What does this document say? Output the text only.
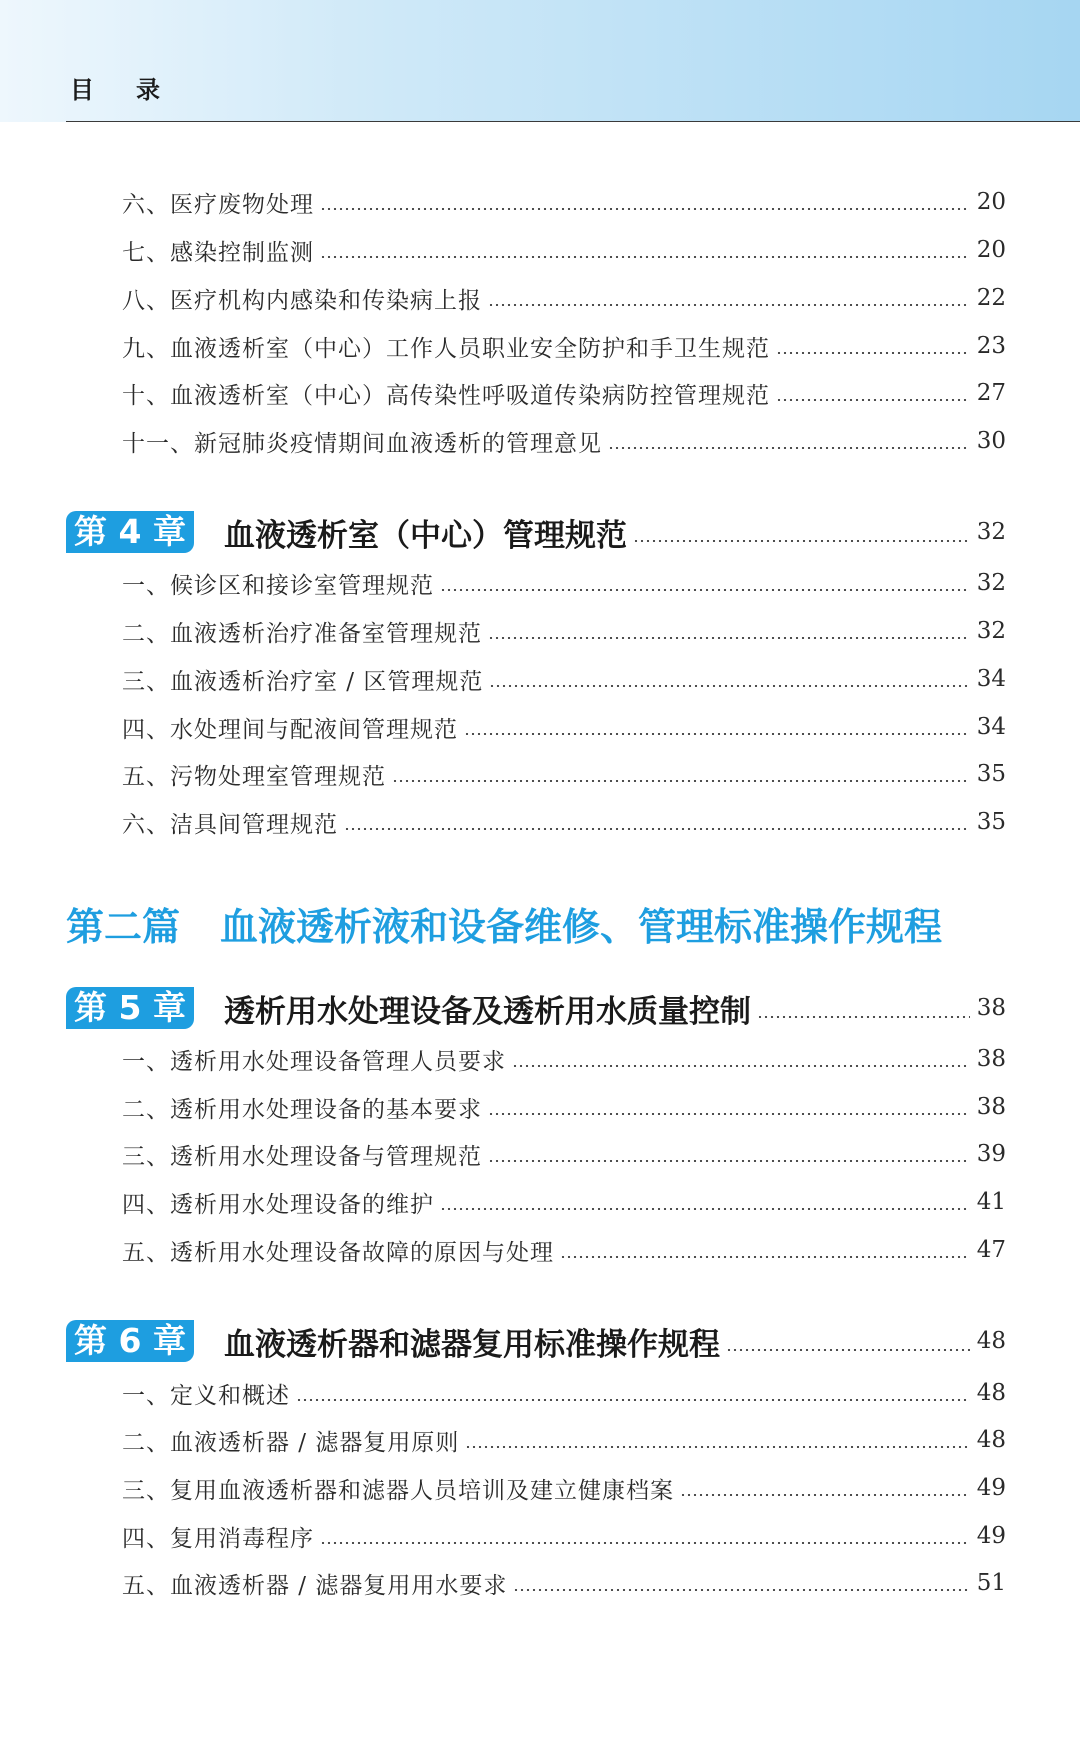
目录
六、医疗废物处理	20
七、感染控制监测	20
八、医疗机构内感染和传染病上报	22
九、血液透析室（中心）工作人员职业安全防护和手卫生规范	23
十、血液透析室（中心）高传染性呼吸道传染病防控管理规范	27
十一、新冠肺炎疫情期间血液透析的管理意见	30
第 4 章 血液透析室（中心）管理规范	32
一、候诊区和接诊室管理规范	32
二、血液透析治疗准备室管理规范	32
三、血液透析治疗室 / 区管理规范	34
四、水处理间与配液间管理规范	34
五、污物处理室管理规范	35
六、洁具间管理规范	35
第二篇 血液透析液和设备维修、管理标准操作规程
第 5 章 透析用水处理设备及透析用水质量控制	38
一、透析用水处理设备管理人员要求	38
二、透析用水处理设备的基本要求	38
三、透析用水处理设备与管理规范	39
四、透析用水处理设备的维护	41
五、透析用水处理设备故障的原因与处理	47
第 6 章 血液透析器和滤器复用标准操作规程	48
一、定义和概述	48
二、血液透析器 / 滤器复用原则	48
三、复用血液透析器和滤器人员培训及建立健康档案	49
四、复用消毒程序	49
五、血液透析器 / 滤器复用用水要求	51
